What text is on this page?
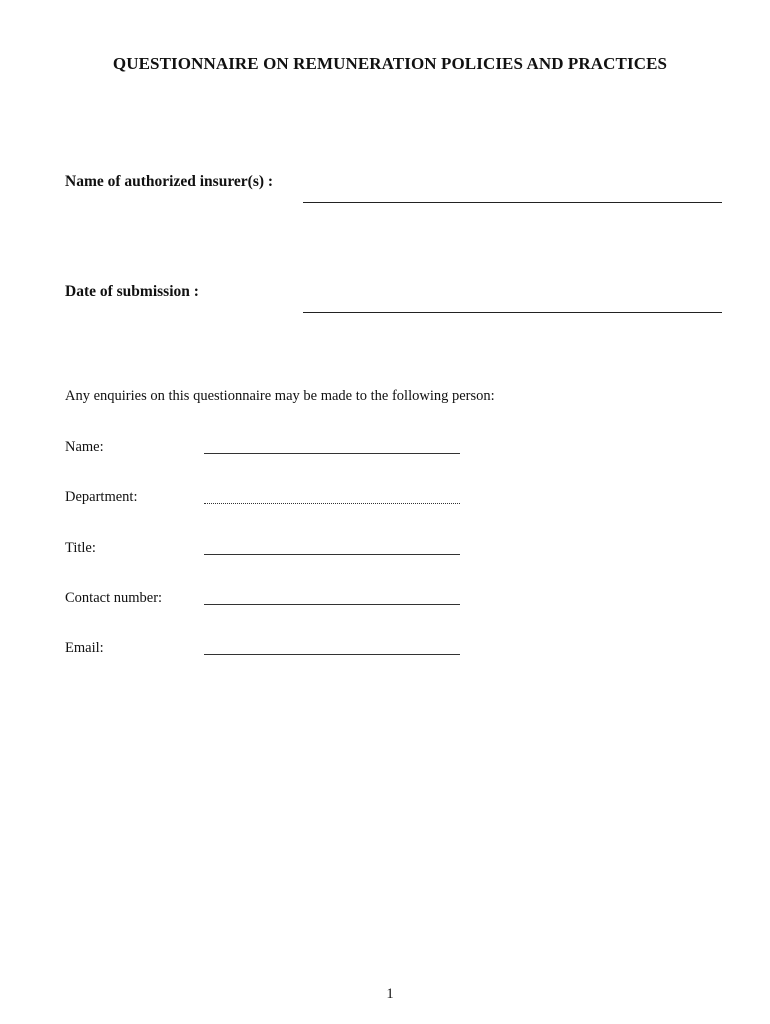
QUESTIONNAIRE ON REMUNERATION POLICIES AND PRACTICES
Name of authorized insurer(s) :
Date of submission :
Any enquiries on this questionnaire may be made to the following person:
Name:
Department:
Title:
Contact number:
Email:
1
